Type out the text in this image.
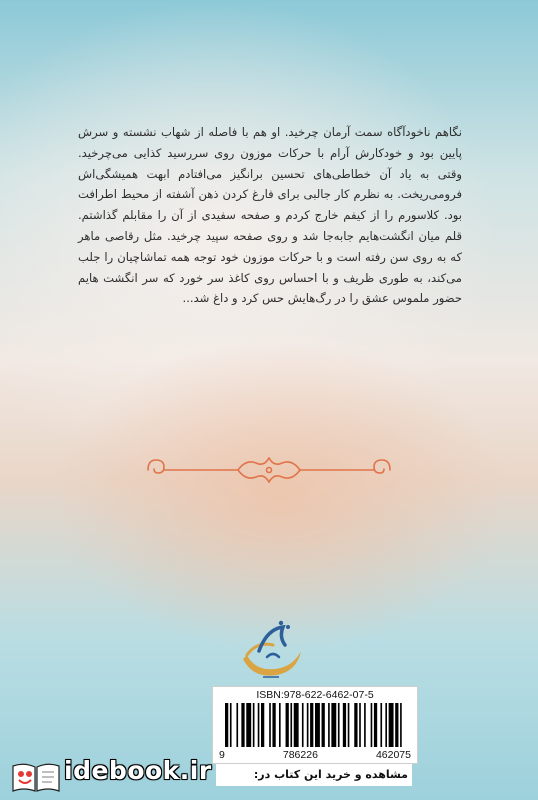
نگاهم ناخودآگاه سمت آرمان چرخید. او هم با فاصله از شهاب نشسته و سرش پایین بود و خودکارش آرام با حرکات موزون روی سررسید کذایی می‌چرخید. وقتی به یاد آن خطاطی‌های تحسین برانگیز می‌افتادم ابهت همیشگی‌اش فرومی‌ریخت. به نظرم کار جالبی برای فارغ کردن ذهن آشفته از محیط اطرافت بود. کلاسورم را از کیفم خارج کردم و صفحه سفیدی از آن را مقابلم گذاشتم. قلم میان انگشت‌هایم جابه‌جا شد و روی صفحه سپید چرخید. مثل رقاصی ماهر که به روی سن رفته است و با حرکات موزون خود توجه همه تماشاچیان را جلب می‌کند، به طوری ظریف و با احساس روی کاغذ سر خورد که سر انگشت هایم حضور ملموس عشق را در رگ‌هایش حس کرد و داغ شد...
ISBN:978-622-6462-07-5
9	786226	462075
idebook.ir	مشاهده و خرید این کتاب در:
